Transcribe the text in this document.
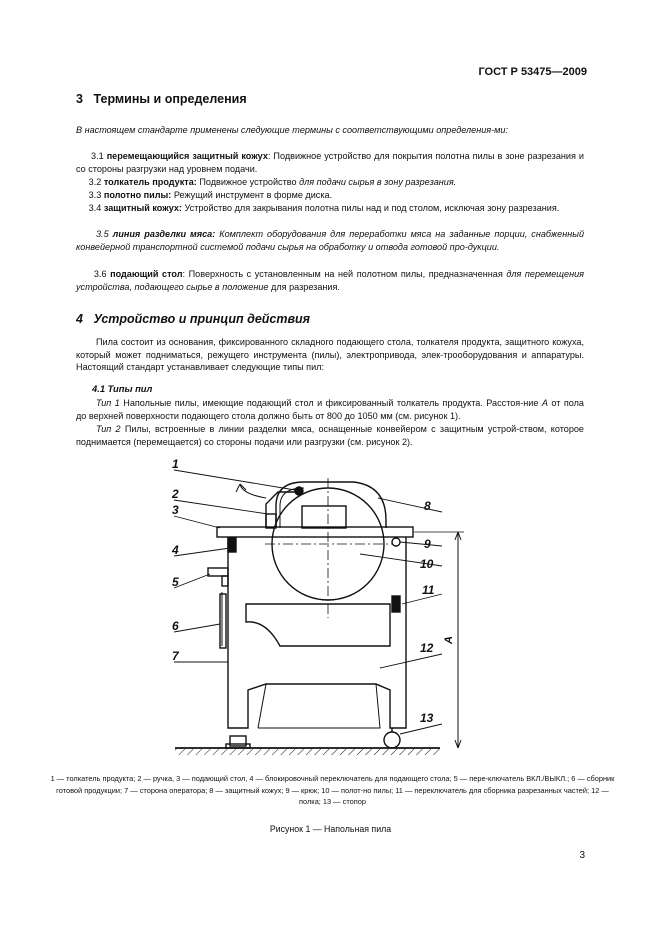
ГОСТ Р 53475—2009
3 Термины и определения

В настоящем стандарте применены следующие термины с соответствующими определения-ми:

3.1 перемещающийся защитный кожух: Подвижное устройство для покрытия полотна пилы в зоне разрезания и со стороны разгрузки над уровнем подачи.

3.2 толкатель продукта: Подвижное устройство для подачи сырья в зону разрезания.

3.3 полотно пилы: Режущий инструмент в форме диска.

3.4 защитный кожух: Устройство для закрывания полотна пилы над и под столом, исключая зону разрезания.

3.5 линия разделки мяса: Комплект оборудования для переработки мяса на заданные порции, снабженный конвейерной транспортной системой подачи сырья на обработку и отвода готовой про-дукции.

3.6 подающий стол: Поверхность с установленным на ней полотном пилы, предназначенная для перемещения устройства, подающего сырье в положение для разрезания.

4 Устройство и принцип действия

Пила состоит из основания, фиксированного складного подающего стола, толкателя продукта, защитного кожуха, который может подниматься, режущего инструмента (пилы), электропривода, элек-трооборудования и аппаратуры. Настоящий стандарт устанавливает следующие типы пил:

4.1 Типы пил

Тип 1 Напольные пилы, имеющие подающий стол и фиксированный толкатель продукта. Расстоя-ние А от пола до верхней поверхности подающего стола должно быть от 800 до 1050 мм (см. рисунок 1).

Тип 2 Пилы, встроенные в линии разделки мяса, оснащенные конвейером с защитным устрой-ством, которое поднимается (перемещается) со стороны подачи или разгрузки (см. рисунок 2).

1
2
3
4
5
6
7
8
9
10
11
12
13
А
1 — толкатель продукта; 2 — ручка, 3 — подающий стол, 4 — блокировочный переключатель для подающего стола; 5 — пере-ключатель ВКЛ./ВЫКЛ.; 6 — сборник готовой продукции; 7 — сторона оператора; 8 — защитный кожух; 9 — крюк; 10 — полот-но пилы; 11 — переключатель для сборника разрезанных частей; 12 — полка; 13 — стопор
Рисунок 1 — Напольная пила
3
